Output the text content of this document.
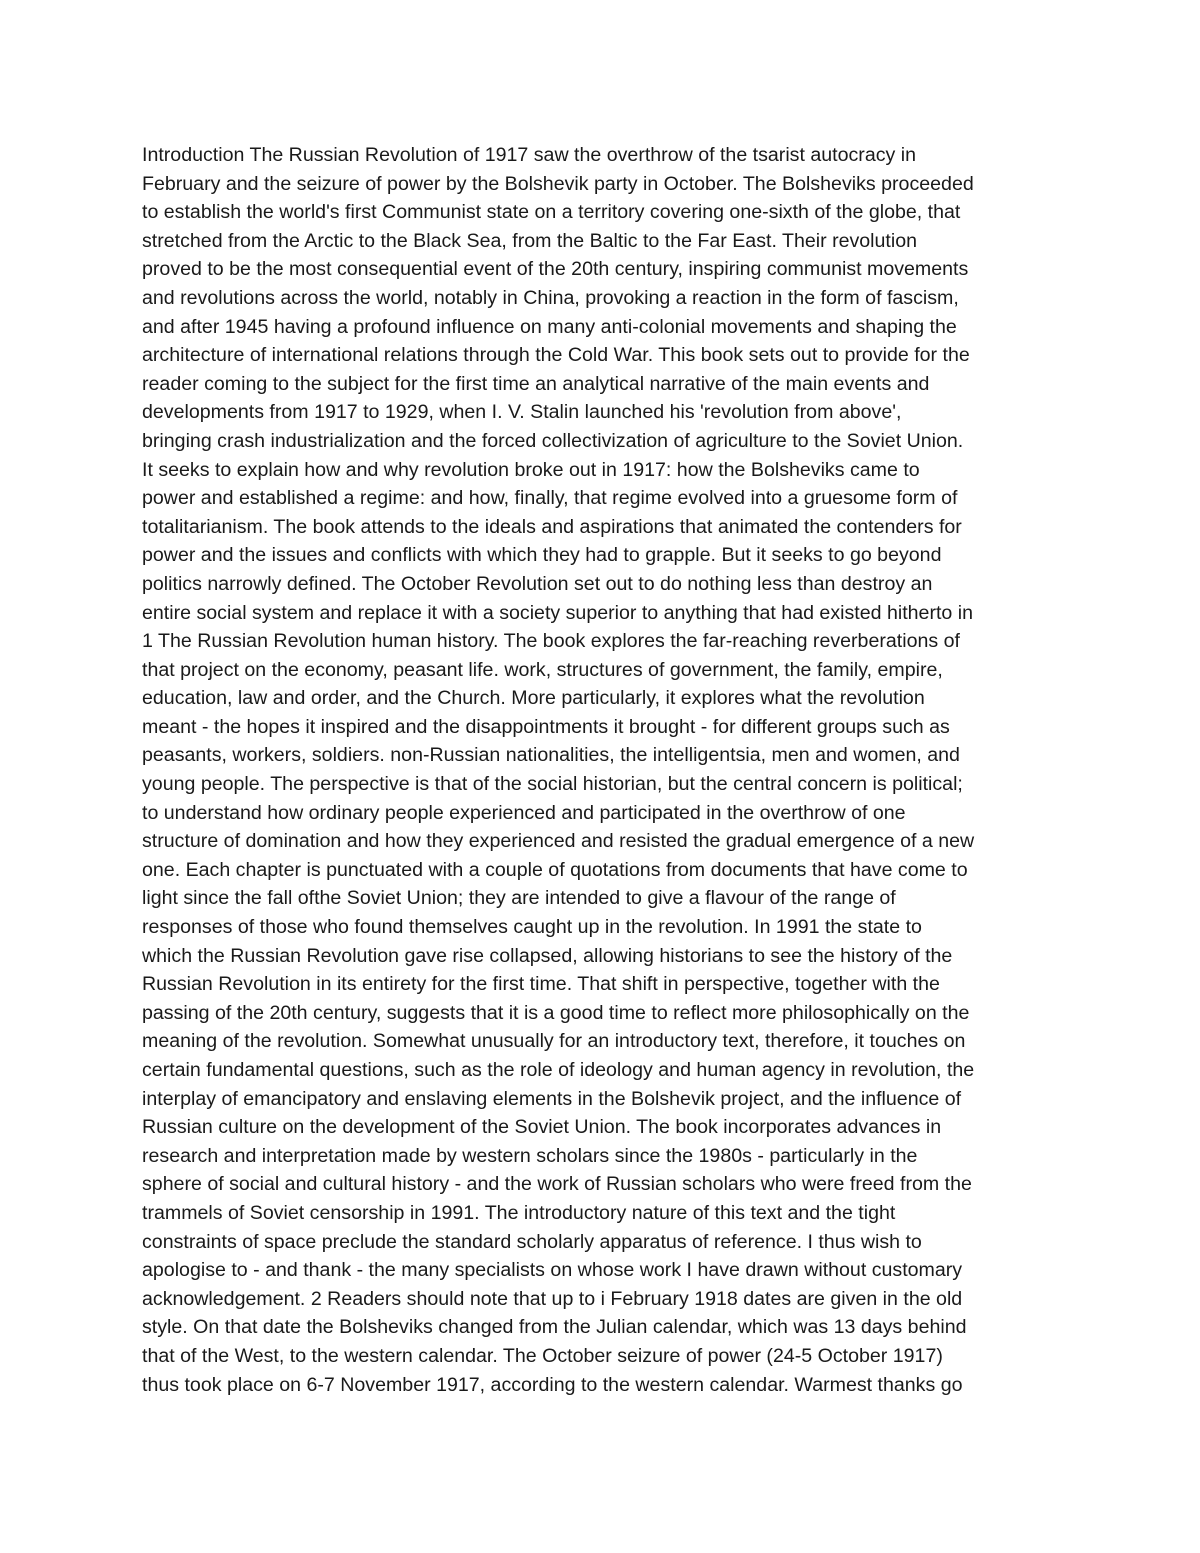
Introduction The Russian Revolution of 1917 saw the overthrow of the tsarist autocracy in
February and the seizure of power by the Bolshevik party in October. The Bolsheviks proceeded
to establish the world's first Communist state on a territory covering one-sixth of the globe, that
stretched from the Arctic to the Black Sea, from the Baltic to the Far East. Their revolution
proved to be the most consequential event of the 20th century, inspiring communist movements
and revolutions across the world, notably in China, provoking a reaction in the form of fascism,
and after 1945 having a profound influence on many anti-colonial movements and shaping the
architecture of international relations through the Cold War. This book sets out to provide for the
reader coming to the subject for the first time an analytical narrative of the main events and
developments from 1917 to 1929, when I. V. Stalin launched his 'revolution from above',
bringing crash industrialization and the forced collectivization of agriculture to the Soviet Union.
It seeks to explain how and why revolution broke out in 1917: how the Bolsheviks came to
power and established a regime: and how, finally, that regime evolved into a gruesome form of
totalitarianism. The book attends to the ideals and aspirations that animated the contenders for
power and the issues and conflicts with which they had to grapple. But it seeks to go beyond
politics narrowly defined. The October Revolution set out to do nothing less than destroy an
entire social system and replace it with a society superior to anything that had existed hitherto in
1 The Russian Revolution human history. The book explores the far-reaching reverberations of
that project on the economy, peasant life. work, structures of government, the family, empire,
education, law and order, and the Church. More particularly, it explores what the revolution
meant - the hopes it inspired and the disappointments it brought - for different groups such as
peasants, workers, soldiers. non-Russian nationalities, the intelligentsia, men and women, and
young people. The perspective is that of the social historian, but the central concern is political;
to understand how ordinary people experienced and participated in the overthrow of one
structure of domination and how they experienced and resisted the gradual emergence of a new
one. Each chapter is punctuated with a couple of quotations from documents that have come to
light since the fall ofthe Soviet Union; they are intended to give a flavour of the range of
responses of those who found themselves caught up in the revolution. In 1991 the state to
which the Russian Revolution gave rise collapsed, allowing historians to see the history of the
Russian Revolution in its entirety for the first time. That shift in perspective, together with the
passing of the 20th century, suggests that it is a good time to reflect more philosophically on the
meaning of the revolution. Somewhat unusually for an introductory text, therefore, it touches on
certain fundamental questions, such as the role of ideology and human agency in revolution, the
interplay of emancipatory and enslaving elements in the Bolshevik project, and the influence of
Russian culture on the development of the Soviet Union. The book incorporates advances in
research and interpretation made by western scholars since the 1980s - particularly in the
sphere of social and cultural history - and the work of Russian scholars who were freed from the
trammels of Soviet censorship in 1991. The introductory nature of this text and the tight
constraints of space preclude the standard scholarly apparatus of reference. I thus wish to
apologise to - and thank - the many specialists on whose work I have drawn without customary
acknowledgement. 2 Readers should note that up to i February 1918 dates are given in the old
style. On that date the Bolsheviks changed from the Julian calendar, which was 13 days behind
that of the West, to the western calendar. The October seizure of power (24-5 October 1917)
thus took place on 6-7 November 1917, according to the western calendar. Warmest thanks go
